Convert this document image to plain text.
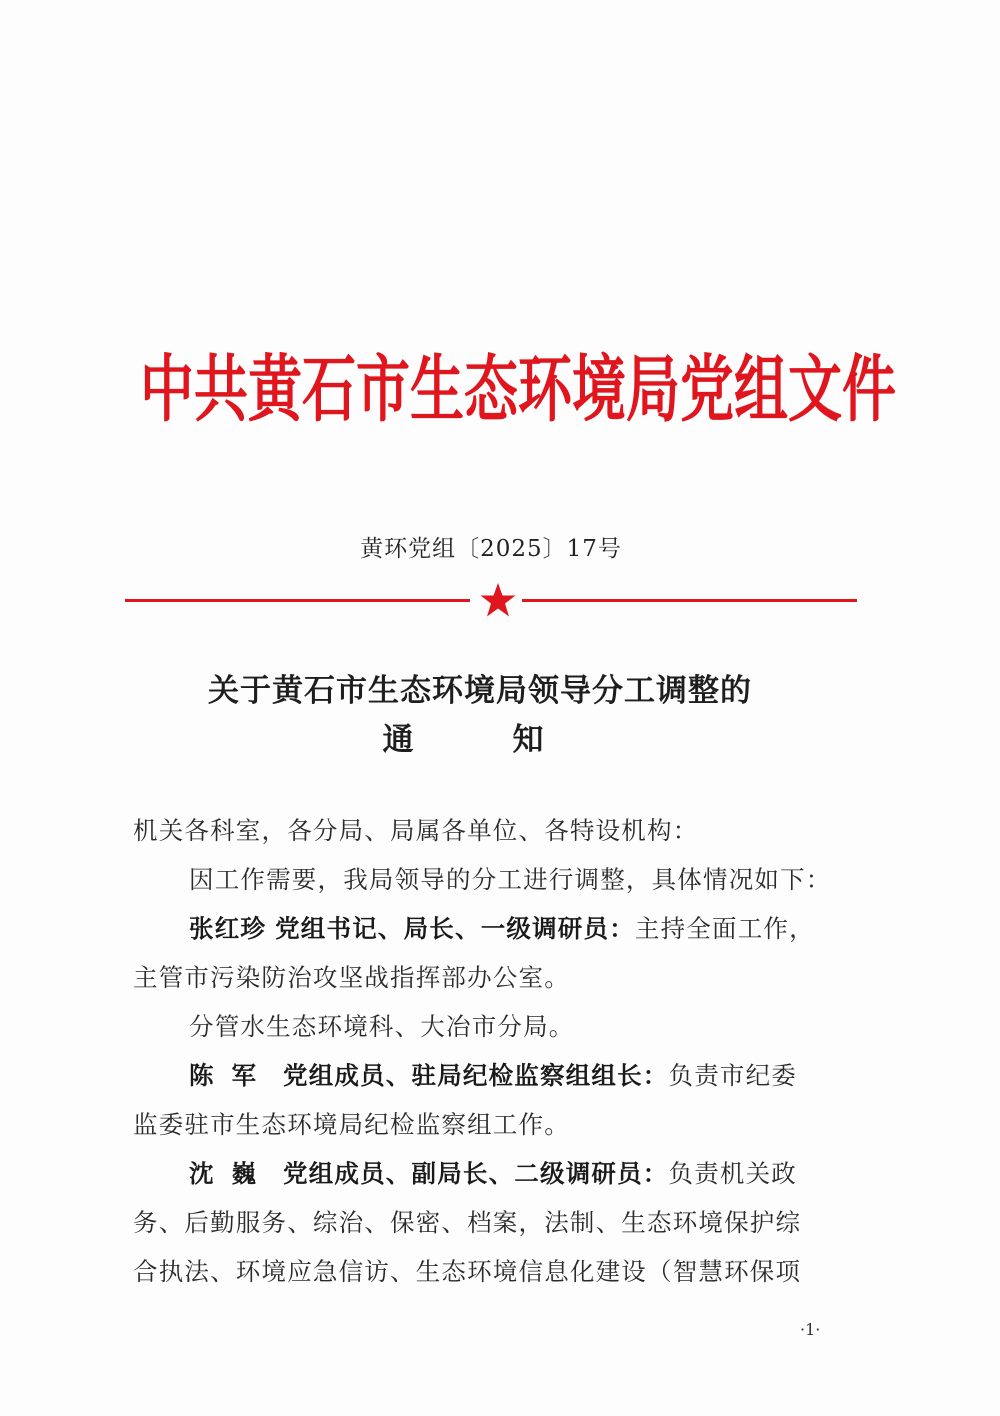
中共黄石市生态环境局党组文件
黄环党组〔2025〕17号
关于黄石市生态环境局领导分工调整的
通　知
机关各科室，各分局、局属各单位、各特设机构：
因工作需要，我局领导的分工进行调整，具体情况如下：
张红珍 党组书记、局长、一级调研员：主持全面工作，
主管市污染防治攻坚战指挥部办公室。
分管水生态环境科、大冶市分局。
陈军 党组成员、驻局纪检监察组组长：负责市纪委
监委驻市生态环境局纪检监察组工作。
沈巍 党组成员、副局长、二级调研员：负责机关政
务、后勤服务、综治、保密、档案，法制、生态环境保护综
合执法、环境应急信访、生态环境信息化建设（智慧环保项
·1·
